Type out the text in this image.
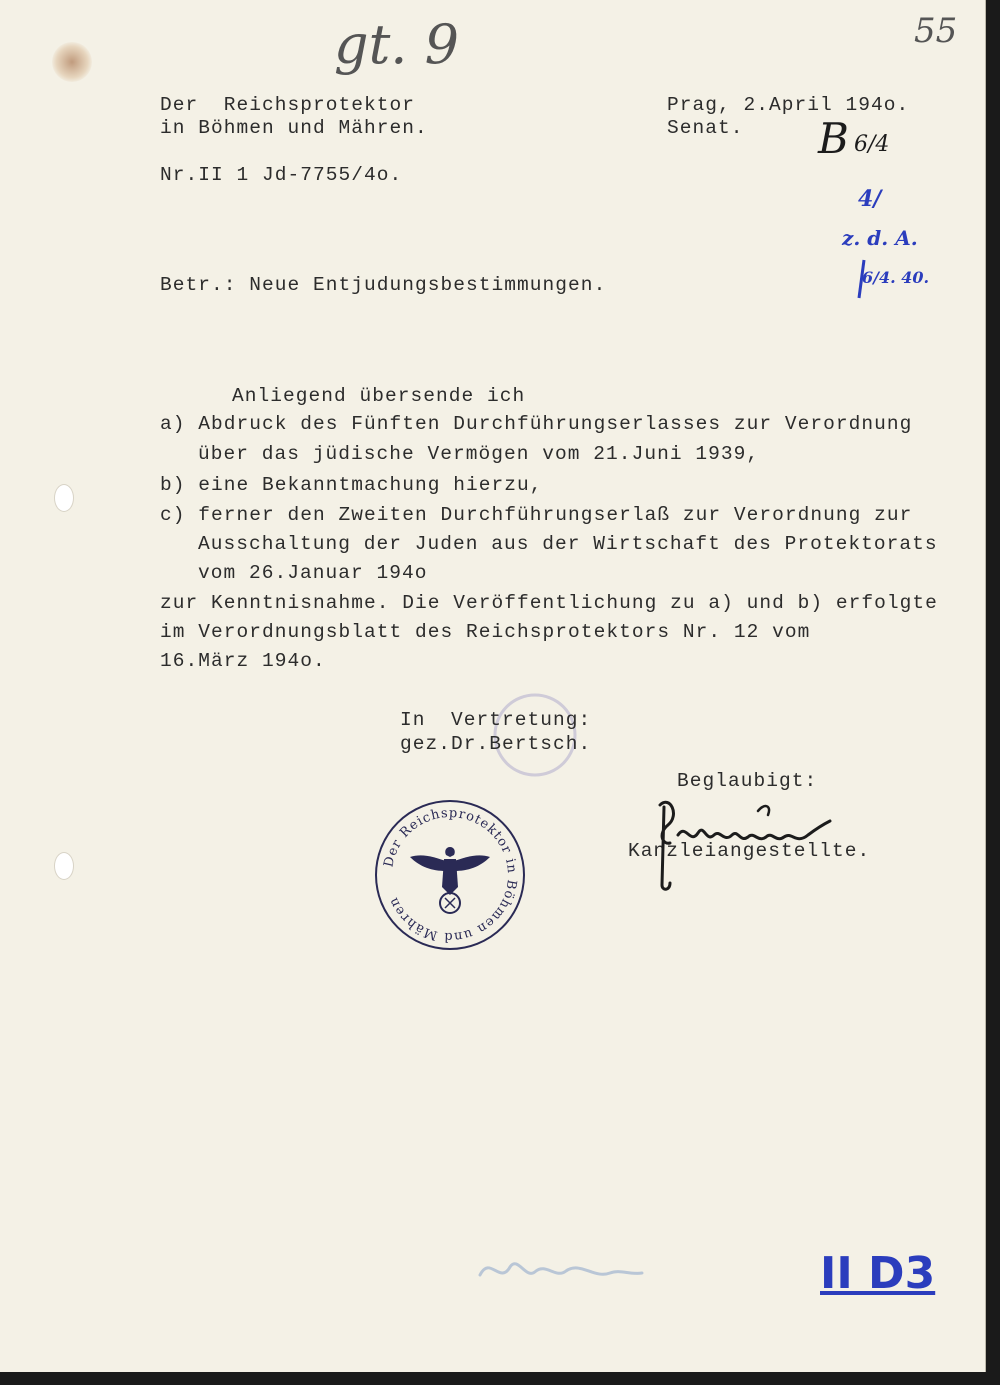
gt. 9	55
Der  Reichsprotektor
in Böhmen und Mähren.
Prag, 2.April 194o.
Senat.
Nr.II 1 Jd-7755/4o.
B 6/4
4/
z. d. A.
6/4. 40.
Betr.: Neue Entjudungsbestimmungen.
Anliegend übersende ich
a) Abdruck des Fünften Durchführungserlasses zur Verordnung
über das jüdische Vermögen vom 21.Juni 1939,
b) eine Bekanntmachung hierzu,
c) ferner den Zweiten Durchführungserlaß zur Verordnung zur
Ausschaltung der Juden aus der Wirtschaft des Protektorats
vom 26.Januar 194o
zur Kenntnisnahme. Die Veröffentlichung zu a) und b) erfolgte
im Verordnungsblatt des Reichsprotektors Nr. 12 vom
16.März 194o.
In  Vertretung:
gez.Dr.Bertsch.
Beglaubigt:
Kanzleiangestellte.
Der Reichsprotektor in Böhmen und Mähren
II D3
